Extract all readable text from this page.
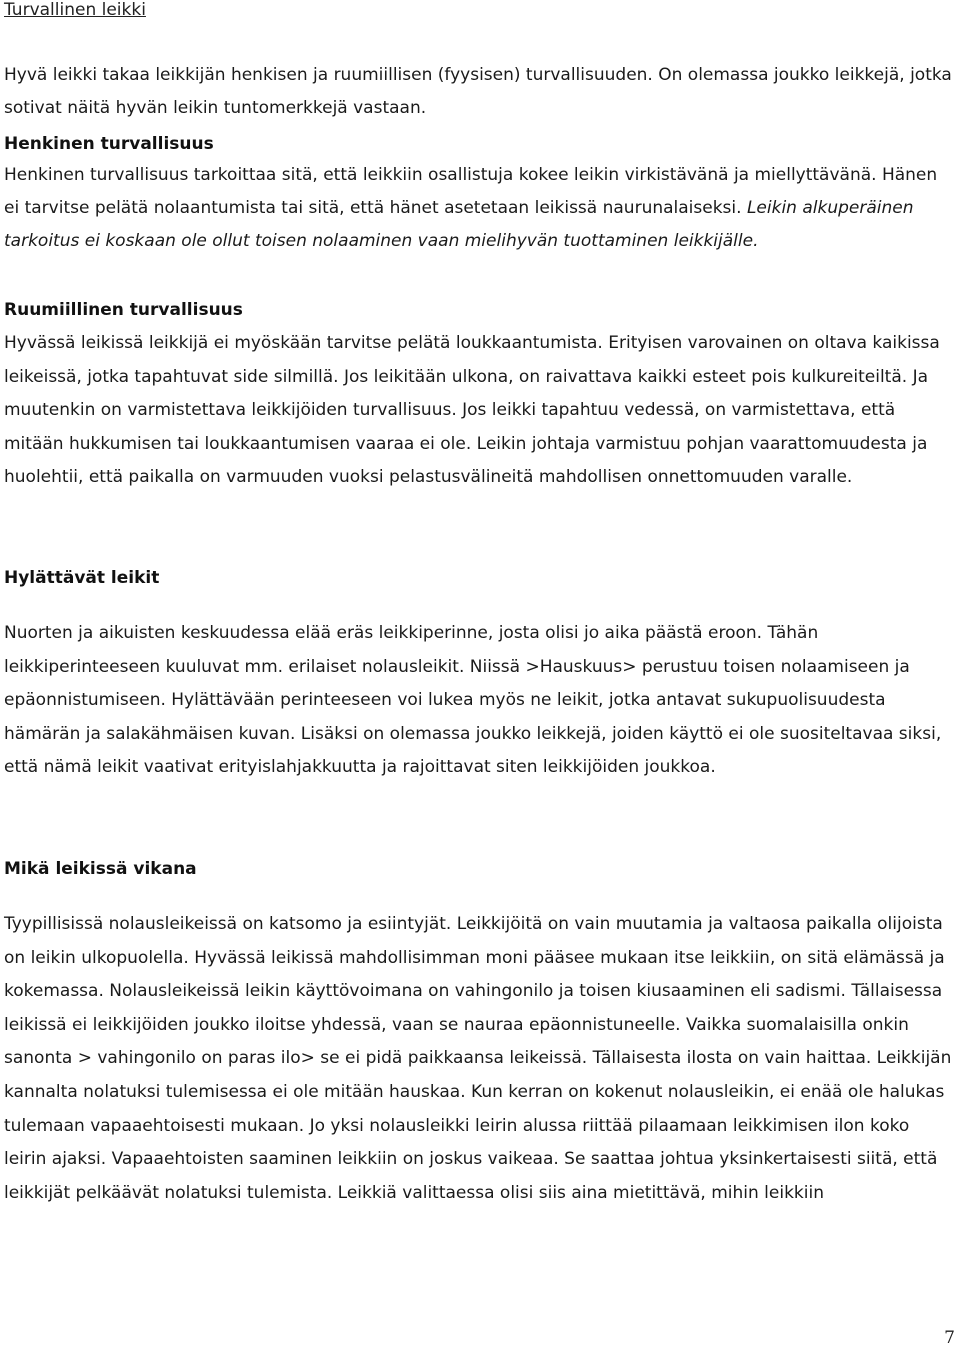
Turvallinen leikki

Hyvä leikki takaa leikkijän henkisen ja ruumiillisen (fyysisen) turvallisuuden. On olemassa joukko leikkejä, jotka sotivat näitä hyvän leikin tuntomerkkejä vastaan.

Henkinen turvallisuus

Henkinen turvallisuus tarkoittaa sitä, että leikkiin osallistuja kokee leikin virkistävänä ja miellyttävänä. Hänen ei tarvitse pelätä nolaantumista tai sitä, että hänet asetetaan leikissä naurunalaiseksi. Leikin alkuperäinen tarkoitus ei koskaan ole ollut toisen nolaaminen vaan mielihyvän tuottaminen leikkijälle.

Ruumiillinen turvallisuus

Hyvässä leikissä leikkijä ei myöskään tarvitse pelätä loukkaantumista. Erityisen varovainen on oltava kaikissa leikeissä, jotka tapahtuvat side silmillä. Jos leikitään ulkona, on raivattava kaikki esteet pois kulkureiteiltä. Ja muutenkin on varmistettava leikkijöiden turvallisuus. Jos leikki tapahtuu vedessä, on varmistettava, että mitään hukkumisen tai loukkaantumisen vaaraa ei ole. Leikin johtaja varmistuu pohjan vaarattomuudesta ja huolehtii, että paikalla on varmuuden vuoksi pelastusvälineitä mahdollisen onnettomuuden varalle.

Hylättävät leikit

Nuorten ja aikuisten keskuudessa elää eräs leikkiperinne, josta olisi jo aika päästä eroon. Tähän leikkiperinteeseen kuuluvat mm. erilaiset nolausleikit. Niissä >Hauskuus> perustuu toisen nolaamiseen ja epäonnistumiseen. Hylättävään perinteeseen voi lukea myös ne leikit, jotka antavat sukupuolisuudesta hämärän ja salakähmäisen kuvan. Lisäksi on olemassa joukko leikkejä, joiden käyttö ei ole suositeltavaa siksi, että nämä leikit vaativat erityislahjakkuutta ja rajoittavat siten leikkijöiden joukkoa.

Mikä leikissä vikana

Tyypillisissä nolausleikeissä on katsomo ja esiintyjät. Leikkijöitä on vain muutamia ja valtaosa paikalla olijoista on leikin ulkopuolella. Hyvässä leikissä mahdollisimman moni pääsee mukaan itse leikkiin, on sitä elämässä ja kokemassa. Nolausleikeissä leikin käyttövoimana on vahingonilo ja toisen kiusaaminen eli sadismi. Tällaisessa leikissä ei leikkijöiden joukko iloitse yhdessä, vaan se nauraa epäonnistuneelle. Vaikka suomalaisilla onkin sanonta > vahingonilo on paras ilo> se ei pidä paikkaansa leikeissä. Tällaisesta ilosta on vain haittaa. Leikkijän kannalta nolatuksi tulemisessa ei ole mitään hauskaa. Kun kerran on kokenut nolausleikin, ei enää ole halukas tulemaan vapaaehtoisesti mukaan. Jo yksi nolausleikki leirin alussa riittää pilaamaan leikkimisen ilon koko leirin ajaksi. Vapaaehtoisten saaminen leikkiin on joskus vaikeaa. Se saattaa johtua yksinkertaisesti siitä, että leikkijät pelkäävät nolatuksi tulemista. Leikkiä valittaessa olisi siis aina mietittävä, mihin leikkiin

7
